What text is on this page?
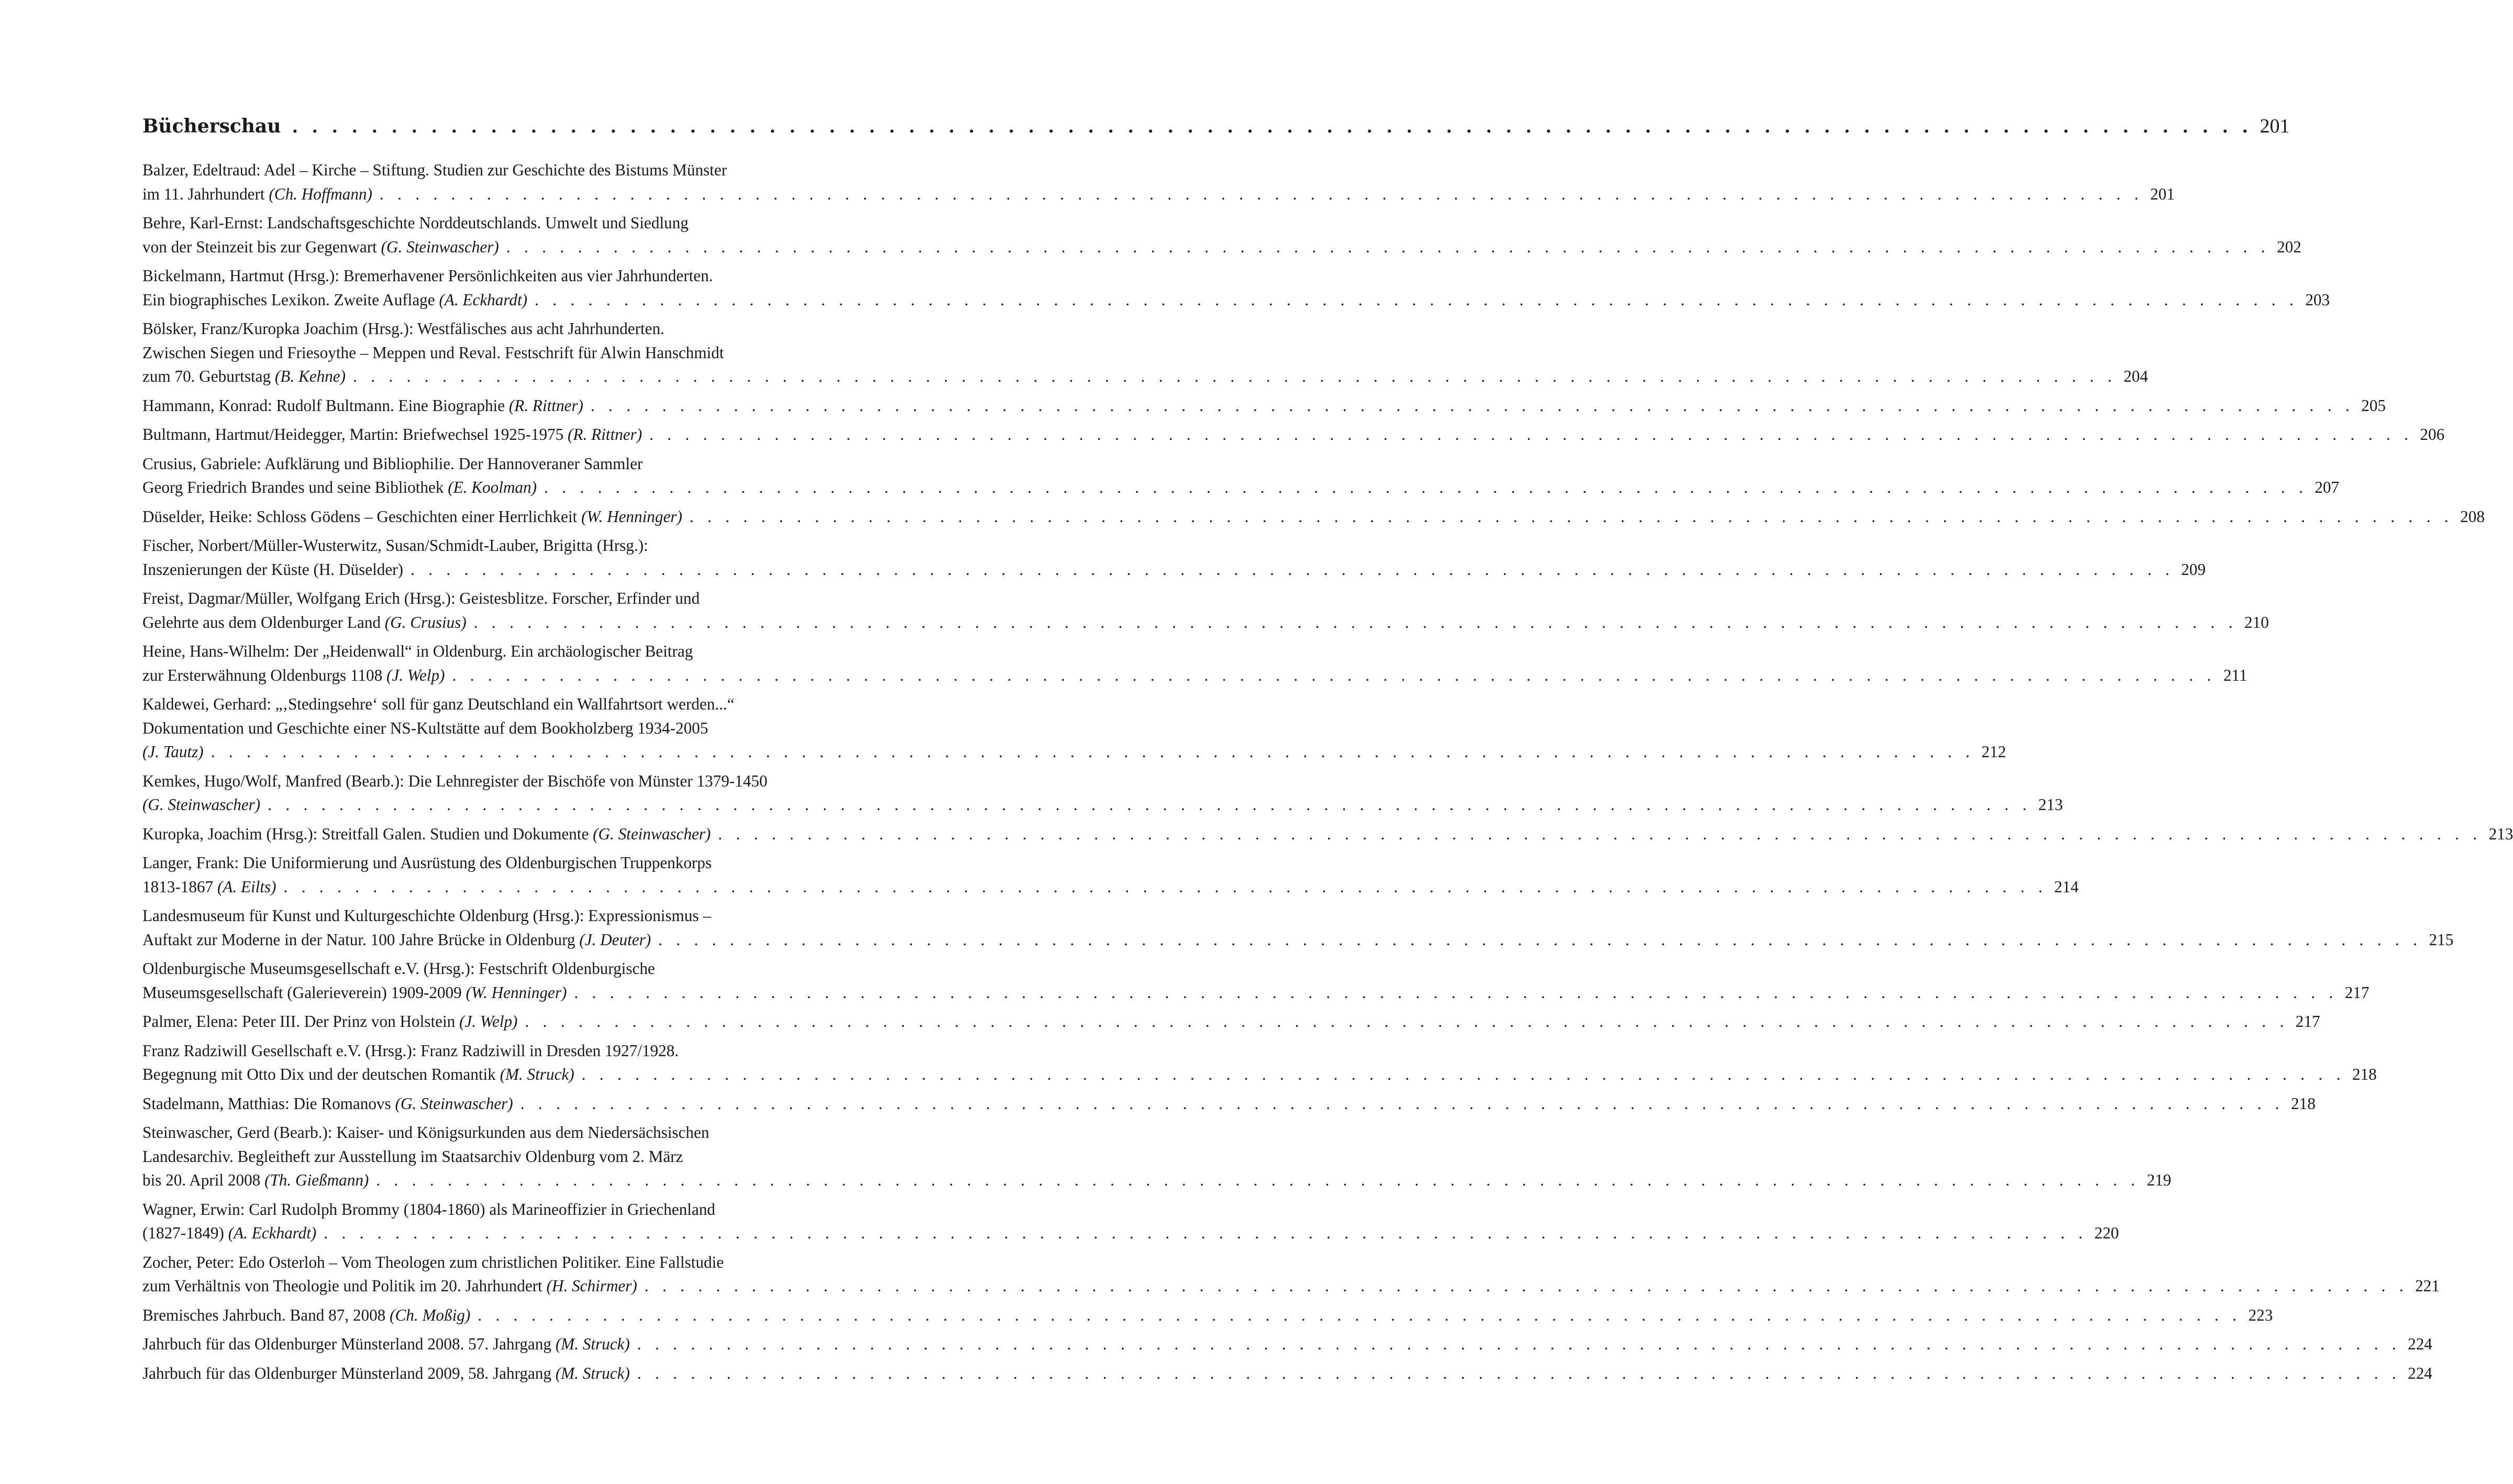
Bücherschau . . . . . . . . . . . . . . . . . . . . . . . . . . . . . . . . . . . . . . . . . . . . . . . . . . . . . . . . . . . . . . . . . . . . . . . . . . . . . . . . . . . . . . . . . . . . . . . . . . . 201
Balzer, Edeltraud: Adel – Kirche – Stiftung. Studien zur Geschichte des Bistums Münster
im 11. Jahrhundert (Ch. Hoffmann) . . . . . . . . . . . . . . . . . . . . . . . . . . . . . . . . . . . . . . . . . . . . . . . . . . . . . . . . . . . . . . . . . . . . . . . . . . . . . . . . . . . . . . . . . . . . . . . . . . . 201
Behre, Karl-Ernst: Landschaftsgeschichte Norddeutschlands. Umwelt und Siedlung
von der Steinzeit bis zur Gegenwart (G. Steinwascher) . . . . . . . . . . . . . . . . . . . . . . . . . . . . . . . . . . . . . . . . . . . . . . . . . . . . . . . . . . . . . . . . . . . . . . . . . . . . . . . . . . . . . . . . . . . . . . . . . . . 202
Bickelmann, Hartmut (Hrsg.): Bremerhavener Persönlichkeiten aus vier Jahrhunderten.
Ein biographisches Lexikon. Zweite Auflage (A. Eckhardt) . . . . . . . . . . . . . . . . . . . . . . . . . . . . . . . . . . . . . . . . . . . . . . . . . . . . . . . . . . . . . . . . . . . . . . . . . . . . . . . . . . . . . . . . . . . . . . . . . . . 203
Bölsker, Franz/Kuropka Joachim (Hrsg.): Westfälisches aus acht Jahrhunderten.
Zwischen Siegen und Friesoythe – Meppen und Reval. Festschrift für Alwin Hanschmidt
zum 70. Geburtstag (B. Kehne) . . . . . . . . . . . . . . . . . . . . . . . . . . . . . . . . . . . . . . . . . . . . . . . . . . . . . . . . . . . . . . . . . . . . . . . . . . . . . . . . . . . . . . . . . . . . . . . . . . . 204
Hammann, Konrad: Rudolf Bultmann. Eine Biographie (R. Rittner) . . . . . . . . . . . . . . . . . . . . . . . . . . . . . . . . . . . . . . . . . . . . . . . . . . . . . . . . . . . . . . . . . . . . . . . . . . . . . . . . . . . . . . . . . . . . . . . . . . . 205
Bultmann, Hartmut/Heidegger, Martin: Briefwechsel 1925-1975 (R. Rittner) . . . . . . . . . . . . . . . . . . . . . . . . . . . . . . . . . . . . . . . . . . . . . . . . . . . . . . . . . . . . . . . . . . . . . . . . . . . . . . . . . . . . . . . . . . . . . . . . . . . 206
Crusius, Gabriele: Aufklärung und Bibliophilie. Der Hannoveraner Sammler
Georg Friedrich Brandes und seine Bibliothek (E. Koolman) . . . . . . . . . . . . . . . . . . . . . . . . . . . . . . . . . . . . . . . . . . . . . . . . . . . . . . . . . . . . . . . . . . . . . . . . . . . . . . . . . . . . . . . . . . . . . . . . . . . 207
Düselder, Heike: Schloss Gödens – Geschichten einer Herrlichkeit (W. Henninger) . . . . . . . . . . . . . . . . . . . . . . . . . . . . . . . . . . . . . . . . . . . . . . . . . . . . . . . . . . . . . . . . . . . . . . . . . . . . . . . . . . . . . . . . . . . . . . . . . . . 208
Fischer, Norbert/Müller-Wusterwitz, Susan/Schmidt-Lauber, Brigitta (Hrsg.):
Inszenierungen der Küste (H. Düselder) . . . . . . . . . . . . . . . . . . . . . . . . . . . . . . . . . . . . . . . . . . . . . . . . . . . . . . . . . . . . . . . . . . . . . . . . . . . . . . . . . . . . . . . . . . . . . . . . . . . 209
Freist, Dagmar/Müller, Wolfgang Erich (Hrsg.): Geistesblitze. Forscher, Erfinder und
Gelehrte aus dem Oldenburger Land (G. Crusius) . . . . . . . . . . . . . . . . . . . . . . . . . . . . . . . . . . . . . . . . . . . . . . . . . . . . . . . . . . . . . . . . . . . . . . . . . . . . . . . . . . . . . . . . . . . . . . . . . . . 210
Heine, Hans-Wilhelm: Der „Heidenwall“ in Oldenburg. Ein archäologischer Beitrag
zur Ersterwähnung Oldenburgs 1108 (J. Welp) . . . . . . . . . . . . . . . . . . . . . . . . . . . . . . . . . . . . . . . . . . . . . . . . . . . . . . . . . . . . . . . . . . . . . . . . . . . . . . . . . . . . . . . . . . . . . . . . . . . 211
Kaldewei, Gerhard: „‚Stedingsehre‘ soll für ganz Deutschland ein Wallfahrtsort werden...“
Dokumentation und Geschichte einer NS-Kultstätte auf dem Bookholzberg 1934-2005
(J. Tautz) . . . . . . . . . . . . . . . . . . . . . . . . . . . . . . . . . . . . . . . . . . . . . . . . . . . . . . . . . . . . . . . . . . . . . . . . . . . . . . . . . . . . . . . . . . . . . . . . . . . 212
Kemkes, Hugo/Wolf, Manfred (Bearb.): Die Lehnregister der Bischöfe von Münster 1379-1450
(G. Steinwascher) . . . . . . . . . . . . . . . . . . . . . . . . . . . . . . . . . . . . . . . . . . . . . . . . . . . . . . . . . . . . . . . . . . . . . . . . . . . . . . . . . . . . . . . . . . . . . . . . . . . 213
Kuropka, Joachim (Hrsg.): Streitfall Galen. Studien und Dokumente (G. Steinwascher) . . . . . . . . . . . . . . . . . . . . . . . . . . . . . . . . . . . . . . . . . . . . . . . . . . . . . . . . . . . . . . . . . . . . . . . . . . . . . . . . . . . . . . . . . . . . . . . . . . . 213
Langer, Frank: Die Uniformierung und Ausrüstung des Oldenburgischen Truppenkorps
1813-1867 (A. Eilts) . . . . . . . . . . . . . . . . . . . . . . . . . . . . . . . . . . . . . . . . . . . . . . . . . . . . . . . . . . . . . . . . . . . . . . . . . . . . . . . . . . . . . . . . . . . . . . . . . . . 214
Landesmuseum für Kunst und Kulturgeschichte Oldenburg (Hrsg.): Expressionismus –
Auftakt zur Moderne in der Natur. 100 Jahre Brücke in Oldenburg (J. Deuter) . . . . . . . . . . . . . . . . . . . . . . . . . . . . . . . . . . . . . . . . . . . . . . . . . . . . . . . . . . . . . . . . . . . . . . . . . . . . . . . . . . . . . . . . . . . . . . . . . . . 215
Oldenburgische Museumsgesellschaft e.V. (Hrsg.): Festschrift Oldenburgische
Museumsgesellschaft (Galerieverein) 1909-2009 (W. Henninger) . . . . . . . . . . . . . . . . . . . . . . . . . . . . . . . . . . . . . . . . . . . . . . . . . . . . . . . . . . . . . . . . . . . . . . . . . . . . . . . . . . . . . . . . . . . . . . . . . . . 217
Palmer, Elena: Peter III. Der Prinz von Holstein (J. Welp) . . . . . . . . . . . . . . . . . . . . . . . . . . . . . . . . . . . . . . . . . . . . . . . . . . . . . . . . . . . . . . . . . . . . . . . . . . . . . . . . . . . . . . . . . . . . . . . . . . . 217
Franz Radziwill Gesellschaft e.V. (Hrsg.): Franz Radziwill in Dresden 1927/1928.
Begegnung mit Otto Dix und der deutschen Romantik (M. Struck) . . . . . . . . . . . . . . . . . . . . . . . . . . . . . . . . . . . . . . . . . . . . . . . . . . . . . . . . . . . . . . . . . . . . . . . . . . . . . . . . . . . . . . . . . . . . . . . . . . . 218
Stadelmann, Matthias: Die Romanovs (G. Steinwascher) . . . . . . . . . . . . . . . . . . . . . . . . . . . . . . . . . . . . . . . . . . . . . . . . . . . . . . . . . . . . . . . . . . . . . . . . . . . . . . . . . . . . . . . . . . . . . . . . . . . 218
Steinwascher, Gerd (Bearb.): Kaiser- und Königsurkunden aus dem Niedersächsischen
Landesarchiv. Begleitheft zur Ausstellung im Staatsarchiv Oldenburg vom 2. März
bis 20. April 2008 (Th. Gießmann) . . . . . . . . . . . . . . . . . . . . . . . . . . . . . . . . . . . . . . . . . . . . . . . . . . . . . . . . . . . . . . . . . . . . . . . . . . . . . . . . . . . . . . . . . . . . . . . . . . . 219
Wagner, Erwin: Carl Rudolph Brommy (1804-1860) als Marineoffizier in Griechenland
(1827-1849) (A. Eckhardt) . . . . . . . . . . . . . . . . . . . . . . . . . . . . . . . . . . . . . . . . . . . . . . . . . . . . . . . . . . . . . . . . . . . . . . . . . . . . . . . . . . . . . . . . . . . . . . . . . . . 220
Zocher, Peter: Edo Osterloh – Vom Theologen zum christlichen Politiker. Eine Fallstudie
zum Verhältnis von Theologie und Politik im 20. Jahrhundert (H. Schirmer) . . . . . . . . . . . . . . . . . . . . . . . . . . . . . . . . . . . . . . . . . . . . . . . . . . . . . . . . . . . . . . . . . . . . . . . . . . . . . . . . . . . . . . . . . . . . . . . . . . . 221
Bremisches Jahrbuch. Band 87, 2008 (Ch. Moßig) . . . . . . . . . . . . . . . . . . . . . . . . . . . . . . . . . . . . . . . . . . . . . . . . . . . . . . . . . . . . . . . . . . . . . . . . . . . . . . . . . . . . . . . . . . . . . . . . . . . 223
Jahrbuch für das Oldenburger Münsterland 2008. 57. Jahrgang (M. Struck) . . . . . . . . . . . . . . . . . . . . . . . . . . . . . . . . . . . . . . . . . . . . . . . . . . . . . . . . . . . . . . . . . . . . . . . . . . . . . . . . . . . . . . . . . . . . . . . . . . . 224
Jahrbuch für das Oldenburger Münsterland 2009, 58. Jahrgang (M. Struck) . . . . . . . . . . . . . . . . . . . . . . . . . . . . . . . . . . . . . . . . . . . . . . . . . . . . . . . . . . . . . . . . . . . . . . . . . . . . . . . . . . . . . . . . . . . . . . . . . . . 224
